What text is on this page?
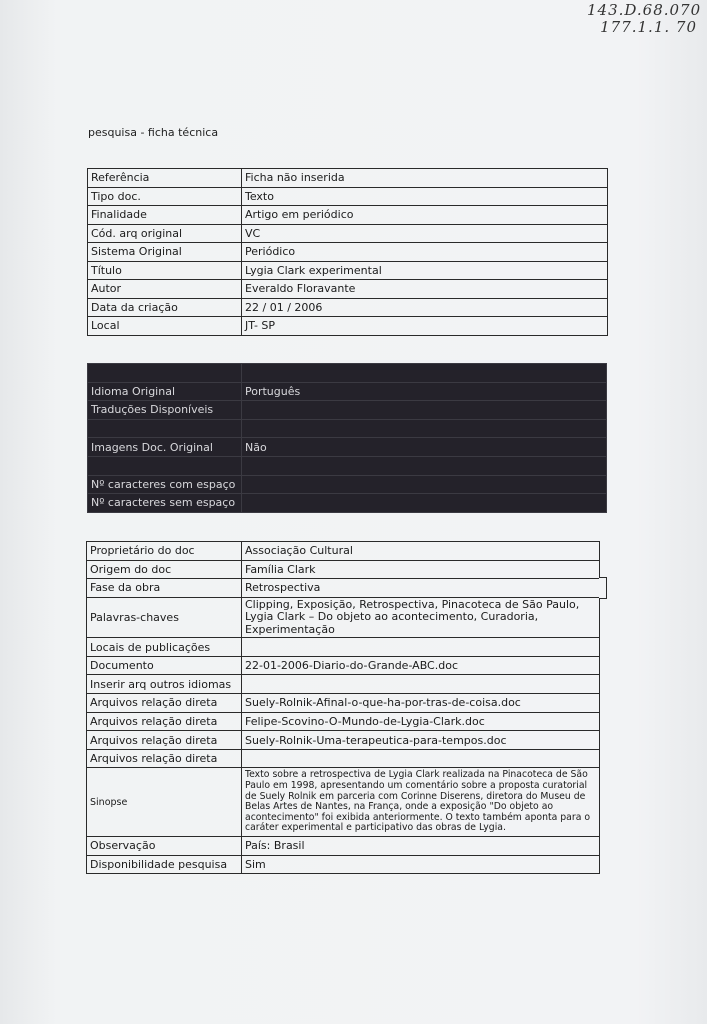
143.D.68.070
177.1.1. 70
pesquisa - ficha técnica
Referência	Ficha não inserida
Tipo doc.	Texto
Finalidade	Artigo em periódico
Cód. arq original	VC
Sistema Original	Periódico
Título	Lygia Clark experimental
Autor	Everaldo Floravante
Data da criação	22 / 01 / 2006
Local	JT- SP

Idioma Original	Português
Traduções Disponíveis	

Imagens Doc. Original	Não

Nº caracteres com espaço	
Nº caracteres sem espaço	
Proprietário do doc	Associação Cultural
Origem do doc	Família Clark
Fase da obra	Retrospectiva
Palavras-chaves	Clipping, Exposição, Retrospectiva, Pinacoteca de São Paulo, Lygia Clark – Do objeto ao acontecimento, Curadoria, Experimentação
Locais de publicações	
Documento	22-01-2006-Diario-do-Grande-ABC.doc
Inserir arq outros idiomas	
Arquivos relação direta	Suely-Rolnik-Afinal-o-que-ha-por-tras-de-coisa.doc
Arquivos relação direta	Felipe-Scovino-O-Mundo-de-Lygia-Clark.doc
Arquivos relação direta	Suely-Rolnik-Uma-terapeutica-para-tempos.doc
Arquivos relação direta	
Sinopse	Texto sobre a retrospectiva de Lygia Clark realizada na Pinacoteca de São Paulo em 1998, apresentando um comentário sobre a proposta curatorial de Suely Rolnik em parceria com Corinne Diserens, diretora do Museu de Belas Artes de Nantes, na França, onde a exposição "Do objeto ao acontecimento" foi exibida anteriormente. O texto também aponta para o caráter experimental e participativo das obras de Lygia.
Observação	País: Brasil
Disponibilidade pesquisa	Sim
